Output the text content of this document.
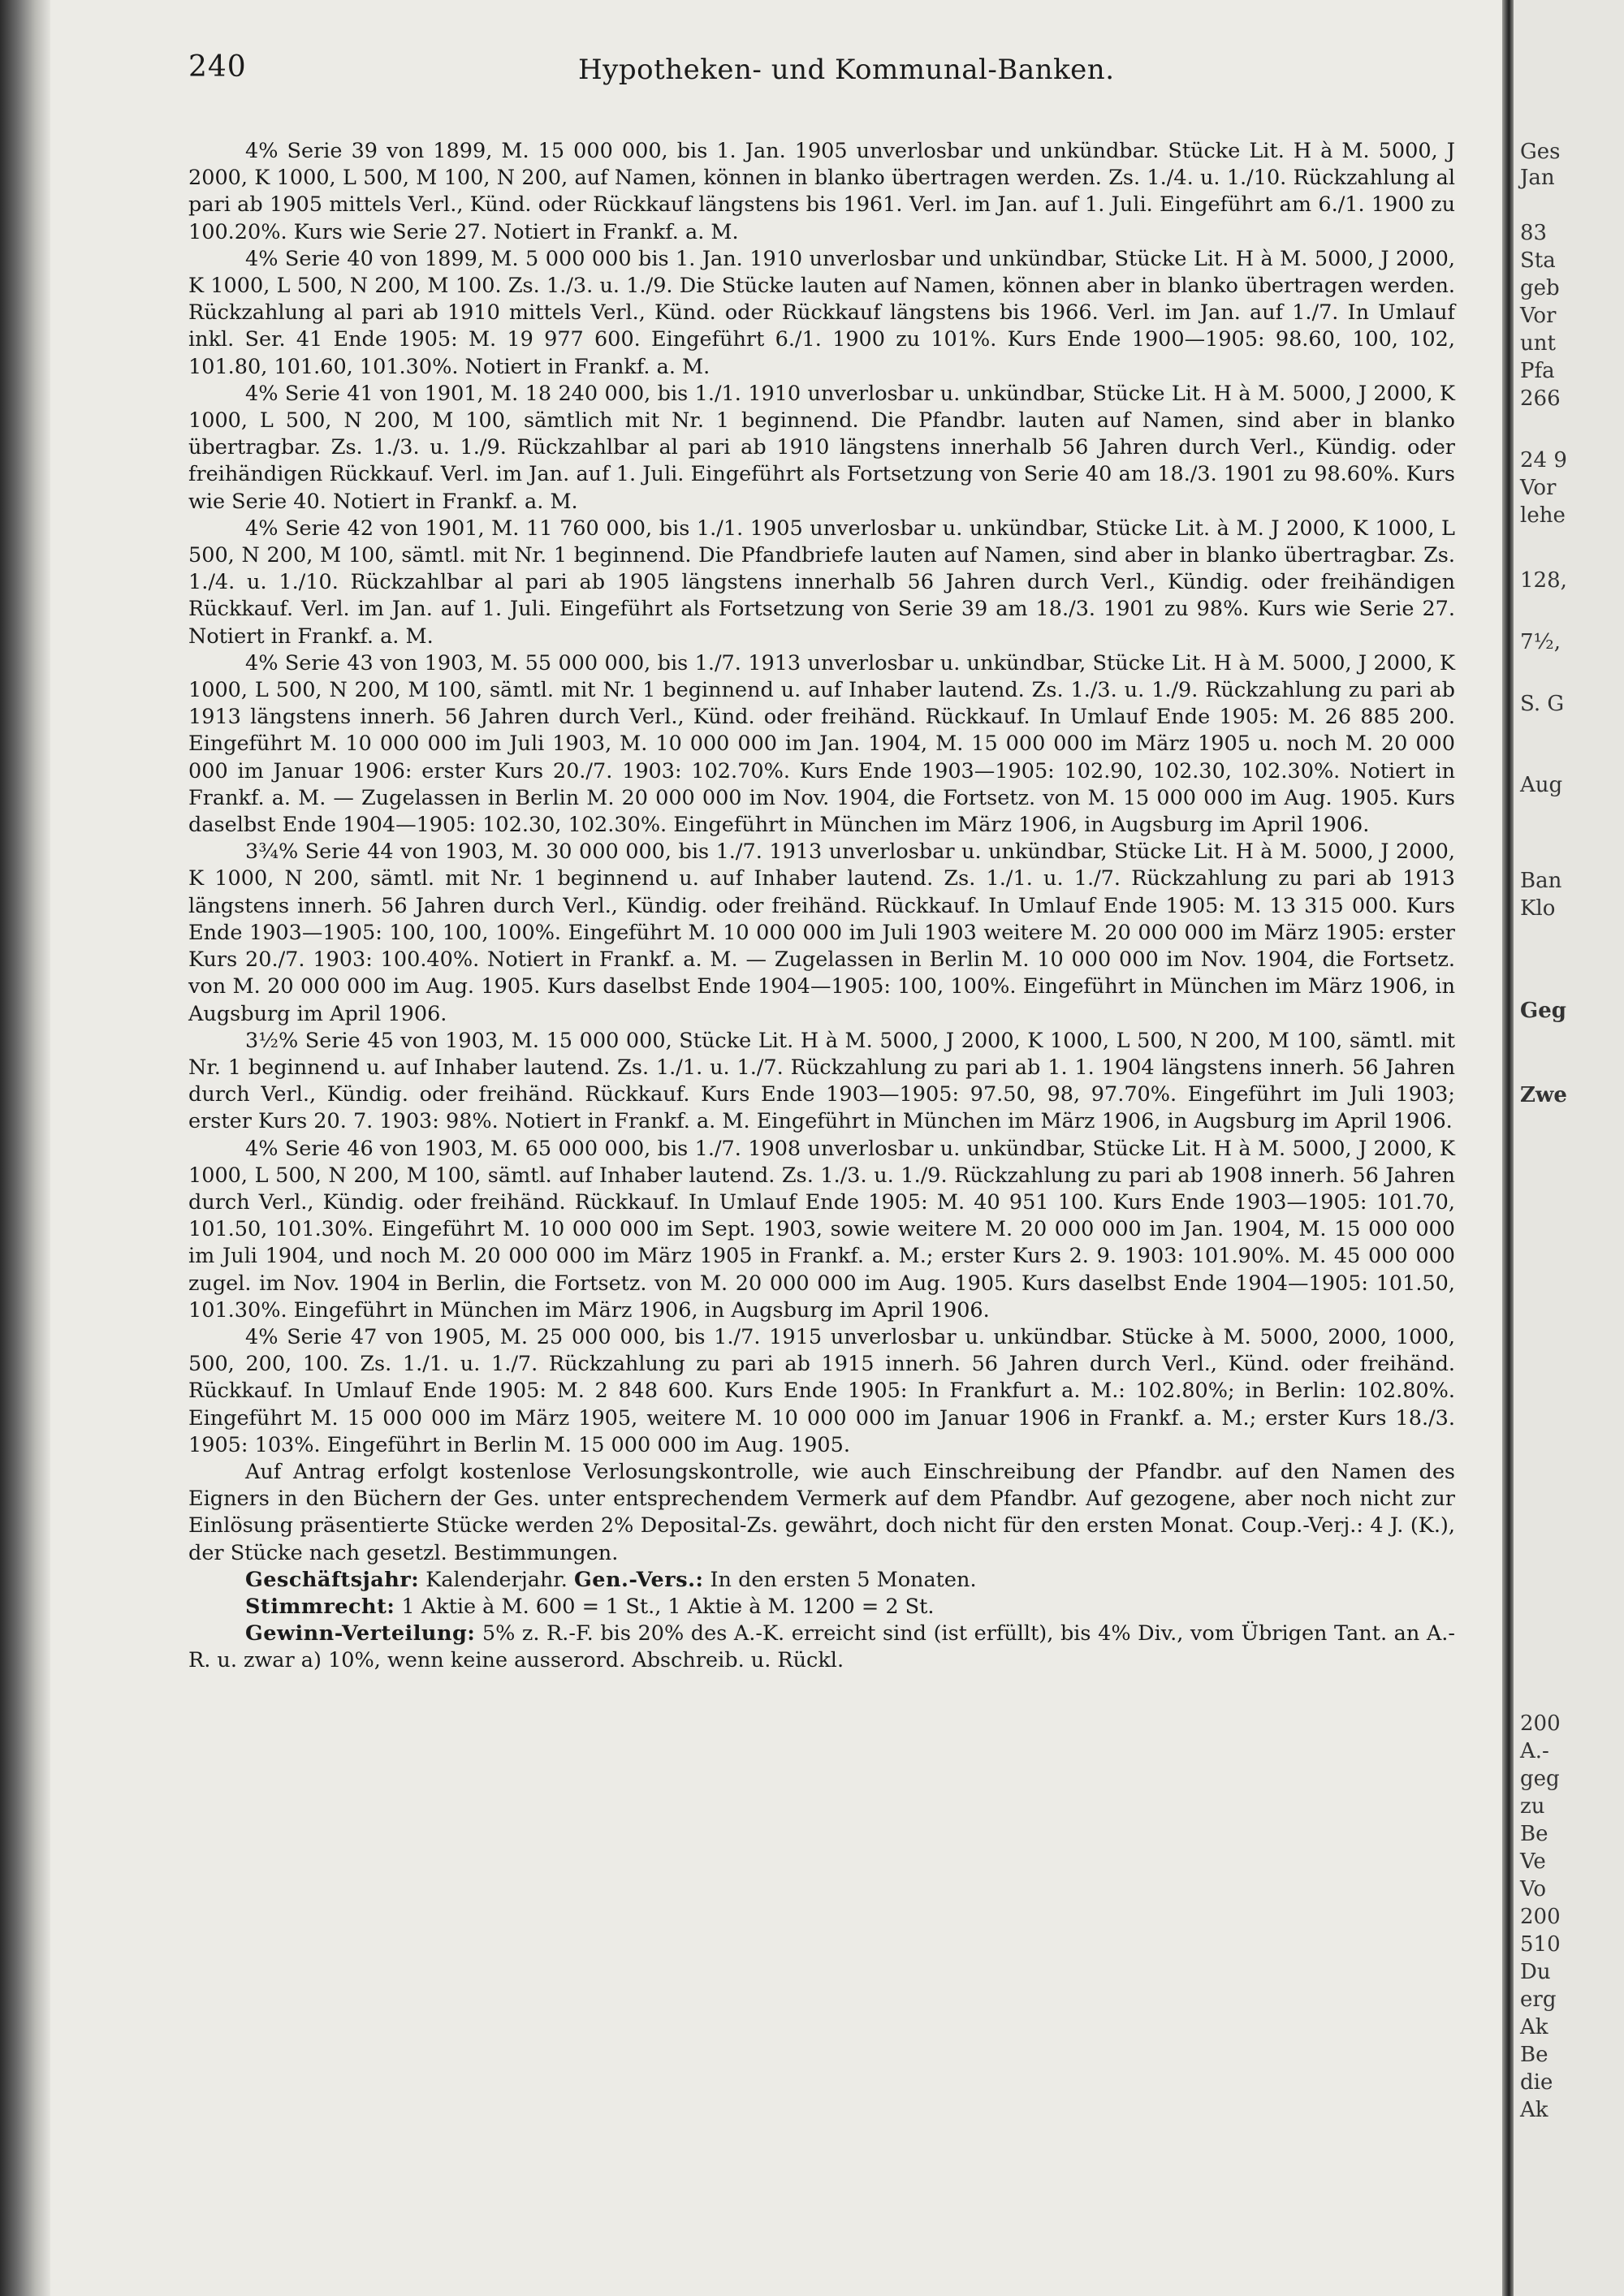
240	Hypotheken- und Kommunal-Banken.

4% Serie 39 von 1899, M. 15 000 000, bis 1. Jan. 1905 unverlosbar und unkündbar. Stücke Lit. H à M. 5000, J 2000, K 1000, L 500, M 100, N 200, auf Namen, können in blanko übertragen werden. Zs. 1./4. u. 1./10. Rückzahlung al pari ab 1905 mittels Verl., Künd. oder Rückkauf längstens bis 1961. Verl. im Jan. auf 1. Juli. Eingeführt am 6./1. 1900 zu 100.20%. Kurs wie Serie 27. Notiert in Frankf. a. M.

4% Serie 40 von 1899, M. 5 000 000 bis 1. Jan. 1910 unverlosbar und unkündbar, Stücke Lit. H à M. 5000, J 2000, K 1000, L 500, N 200, M 100. Zs. 1./3. u. 1./9. Die Stücke lauten auf Namen, können aber in blanko übertragen werden. Rückzahlung al pari ab 1910 mittels Verl., Künd. oder Rückkauf längstens bis 1966. Verl. im Jan. auf 1./7. In Umlauf inkl. Ser. 41 Ende 1905: M. 19 977 600. Eingeführt 6./1. 1900 zu 101%. Kurs Ende 1900—1905: 98.60, 100, 102, 101.80, 101.60, 101.30%. Notiert in Frankf. a. M.

4% Serie 41 von 1901, M. 18 240 000, bis 1./1. 1910 unverlosbar u. unkündbar, Stücke Lit. H à M. 5000, J 2000, K 1000, L 500, N 200, M 100, sämtlich mit Nr. 1 beginnend. Die Pfandbr. lauten auf Namen, sind aber in blanko übertragbar. Zs. 1./3. u. 1./9. Rückzahlbar al pari ab 1910 längstens innerhalb 56 Jahren durch Verl., Kündig. oder freihändigen Rückkauf. Verl. im Jan. auf 1. Juli. Eingeführt als Fortsetzung von Serie 40 am 18./3. 1901 zu 98.60%. Kurs wie Serie 40. Notiert in Frankf. a. M.

4% Serie 42 von 1901, M. 11 760 000, bis 1./1. 1905 unverlosbar u. unkündbar, Stücke Lit. à M. J 2000, K 1000, L 500, N 200, M 100, sämtl. mit Nr. 1 beginnend. Die Pfandbriefe lauten auf Namen, sind aber in blanko übertragbar. Zs. 1./4. u. 1./10. Rückzahlbar al pari ab 1905 längstens innerhalb 56 Jahren durch Verl., Kündig. oder freihändigen Rückkauf. Verl. im Jan. auf 1. Juli. Eingeführt als Fortsetzung von Serie 39 am 18./3. 1901 zu 98%. Kurs wie Serie 27. Notiert in Frankf. a. M.

4% Serie 43 von 1903, M. 55 000 000, bis 1./7. 1913 unverlosbar u. unkündbar, Stücke Lit. H à M. 5000, J 2000, K 1000, L 500, N 200, M 100, sämtl. mit Nr. 1 beginnend u. auf Inhaber lautend. Zs. 1./3. u. 1./9. Rückzahlung zu pari ab 1913 längstens innerh. 56 Jahren durch Verl., Künd. oder freihänd. Rückkauf. In Umlauf Ende 1905: M. 26 885 200. Eingeführt M. 10 000 000 im Juli 1903, M. 10 000 000 im Jan. 1904, M. 15 000 000 im März 1905 u. noch M. 20 000 000 im Januar 1906: erster Kurs 20./7. 1903: 102.70%. Kurs Ende 1903—1905: 102.90, 102.30, 102.30%. Notiert in Frankf. a. M. — Zugelassen in Berlin M. 20 000 000 im Nov. 1904, die Fortsetz. von M. 15 000 000 im Aug. 1905. Kurs daselbst Ende 1904—1905: 102.30, 102.30%. Eingeführt in München im März 1906, in Augsburg im April 1906.

3¾% Serie 44 von 1903, M. 30 000 000, bis 1./7. 1913 unverlosbar u. unkündbar, Stücke Lit. H à M. 5000, J 2000, K 1000, N 200, sämtl. mit Nr. 1 beginnend u. auf Inhaber lautend. Zs. 1./1. u. 1./7. Rückzahlung zu pari ab 1913 längstens innerh. 56 Jahren durch Verl., Kündig. oder freihänd. Rückkauf. In Umlauf Ende 1905: M. 13 315 000. Kurs Ende 1903—1905: 100, 100, 100%. Eingeführt M. 10 000 000 im Juli 1903 weitere M. 20 000 000 im März 1905: erster Kurs 20./7. 1903: 100.40%. Notiert in Frankf. a. M. — Zugelassen in Berlin M. 10 000 000 im Nov. 1904, die Fortsetz. von M. 20 000 000 im Aug. 1905. Kurs daselbst Ende 1904—1905: 100, 100%. Eingeführt in München im März 1906, in Augsburg im April 1906.

3½% Serie 45 von 1903, M. 15 000 000, Stücke Lit. H à M. 5000, J 2000, K 1000, L 500, N 200, M 100, sämtl. mit Nr. 1 beginnend u. auf Inhaber lautend. Zs. 1./1. u. 1./7. Rückzahlung zu pari ab 1. 1. 1904 längstens innerh. 56 Jahren durch Verl., Kündig. oder freihänd. Rückkauf. Kurs Ende 1903—1905: 97.50, 98, 97.70%. Eingeführt im Juli 1903; erster Kurs 20. 7. 1903: 98%. Notiert in Frankf. a. M. Eingeführt in München im März 1906, in Augsburg im April 1906.

4% Serie 46 von 1903, M. 65 000 000, bis 1./7. 1908 unverlosbar u. unkündbar, Stücke Lit. H à M. 5000, J 2000, K 1000, L 500, N 200, M 100, sämtl. auf Inhaber lautend. Zs. 1./3. u. 1./9. Rückzahlung zu pari ab 1908 innerh. 56 Jahren durch Verl., Kündig. oder freihänd. Rückkauf. In Umlauf Ende 1905: M. 40 951 100. Kurs Ende 1903—1905: 101.70, 101.50, 101.30%. Eingeführt M. 10 000 000 im Sept. 1903, sowie weitere M. 20 000 000 im Jan. 1904, M. 15 000 000 im Juli 1904, und noch M. 20 000 000 im März 1905 in Frankf. a. M.; erster Kurs 2. 9. 1903: 101.90%. M. 45 000 000 zugel. im Nov. 1904 in Berlin, die Fortsetz. von M. 20 000 000 im Aug. 1905. Kurs daselbst Ende 1904—1905: 101.50, 101.30%. Eingeführt in München im März 1906, in Augsburg im April 1906.

4% Serie 47 von 1905, M. 25 000 000, bis 1./7. 1915 unverlosbar u. unkündbar. Stücke à M. 5000, 2000, 1000, 500, 200, 100. Zs. 1./1. u. 1./7. Rückzahlung zu pari ab 1915 innerh. 56 Jahren durch Verl., Künd. oder freihänd. Rückkauf. In Umlauf Ende 1905: M. 2 848 600. Kurs Ende 1905: In Frankfurt a. M.: 102.80%; in Berlin: 102.80%. Eingeführt M. 15 000 000 im März 1905, weitere M. 10 000 000 im Januar 1906 in Frankf. a. M.; erster Kurs 18./3. 1905: 103%. Eingeführt in Berlin M. 15 000 000 im Aug. 1905.

Auf Antrag erfolgt kostenlose Verlosungskontrolle, wie auch Einschreibung der Pfandbr. auf den Namen des Eigners in den Büchern der Ges. unter entsprechendem Vermerk auf dem Pfandbr. Auf gezogene, aber noch nicht zur Einlösung präsentierte Stücke werden 2% Deposital-Zs. gewährt, doch nicht für den ersten Monat. Coup.-Verj.: 4 J. (K.), der Stücke nach gesetzl. Bestimmungen.

Geschäftsjahr: Kalenderjahr. Gen.-Vers.: In den ersten 5 Monaten.

Stimmrecht: 1 Aktie à M. 600 = 1 St., 1 Aktie à M. 1200 = 2 St.

Gewinn-Verteilung: 5% z. R.-F. bis 20% des A.-K. erreicht sind (ist erfüllt), bis 4% Div., vom Übrigen Tant. an A.-R. u. zwar a) 10%, wenn keine ausserord. Abschreib. u. Rückl.

Ges
Jan
83
Sta
geb
Vor
unt
Pfa
266
24 9
Vor
lehe
128,
7½,
S. G
Aug
Ban
Klo
Geg
Zwe
200
A.-
geg
zu
Be
Ve
Vo
200
510
Du
erg
Ak
Be
die
Ak
